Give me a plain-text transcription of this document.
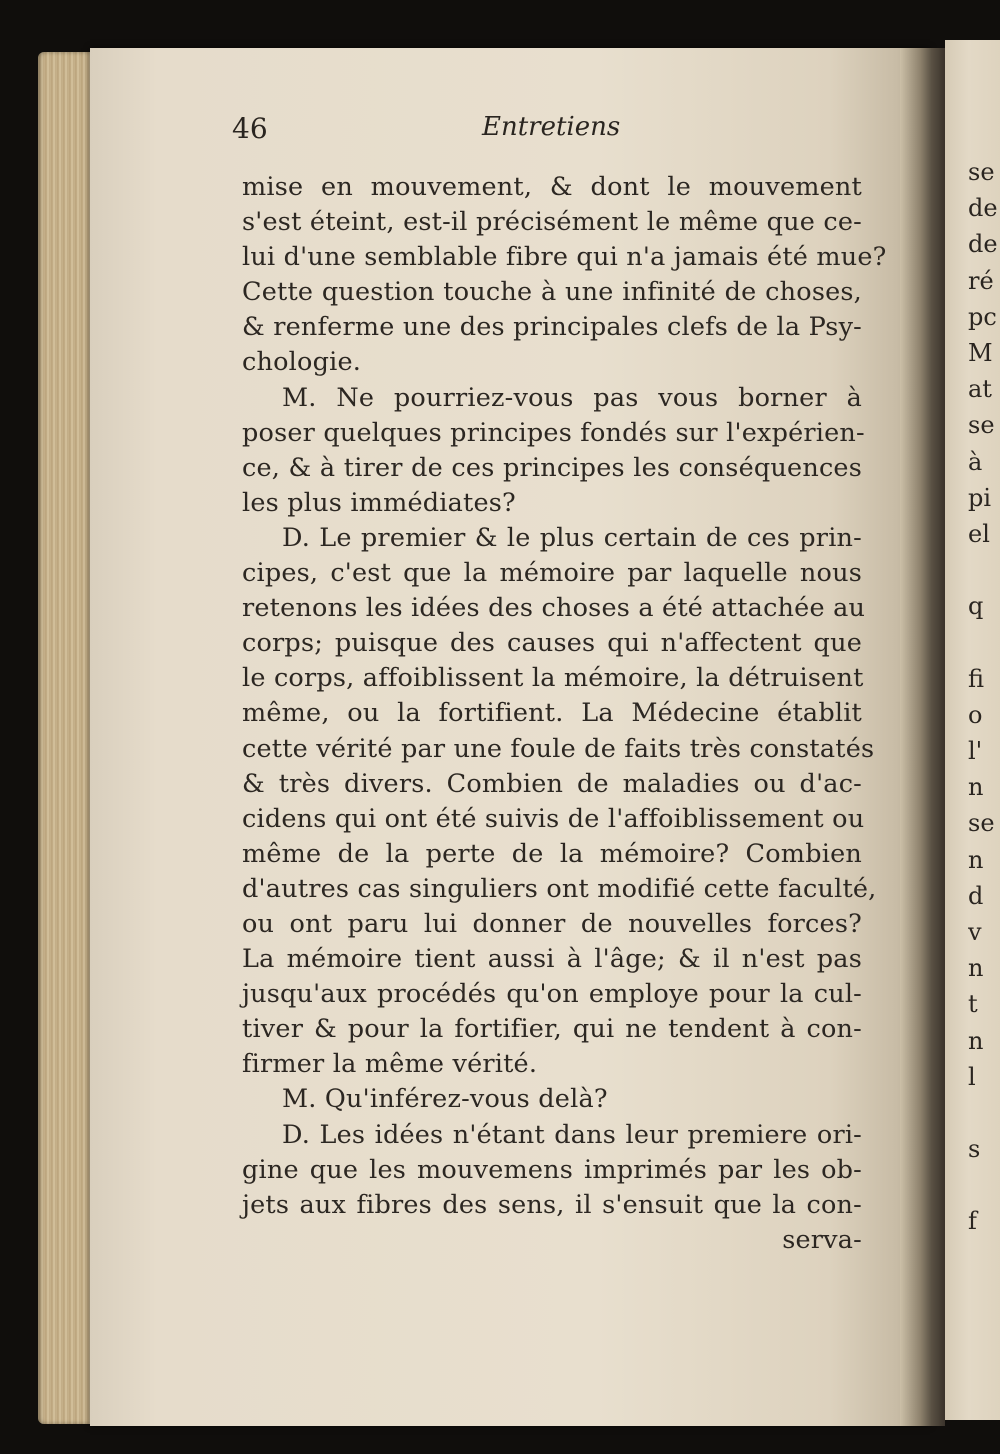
46	Entretiens
mise en mouvement, & dont le mouvement
s'est éteint, est-il précisément le même que ce-
lui d'une semblable fibre qui n'a jamais été mue?
Cette question touche à une infinité de choses,
& renferme une des principales clefs de la Psy-
chologie.
M. Ne pourriez-vous pas vous borner à
poser quelques principes fondés sur l'expérien-
ce, & à tirer de ces principes les conséquences
les plus immédiates?
D. Le premier & le plus certain de ces prin-
cipes, c'est que la mémoire par laquelle nous
retenons les idées des choses a été attachée au
corps; puisque des causes qui n'affectent que
le corps, affoiblissent la mémoire, la détruisent
même, ou la fortifient. La Médecine établit
cette vérité par une foule de faits très constatés
& très divers. Combien de maladies ou d'ac-
cidens qui ont été suivis de l'affoiblissement ou
même de la perte de la mémoire? Combien
d'autres cas singuliers ont modifié cette faculté,
ou ont paru lui donner de nouvelles forces?
La mémoire tient aussi à l'âge; & il n'est pas
jusqu'aux procédés qu'on employe pour la cul-
tiver & pour la fortifier, qui ne tendent à con-
firmer la même vérité.
M. Qu'inférez-vous delà?
D. Les idées n'étant dans leur premiere ori-
gine que les mouvemens imprimés par les ob-
jets aux fibres des sens, il s'ensuit que la con-
serva-
se
de
de
ré
pc
M
at
se
à
pi
el
q
fi
o
l'
n
se
n
d
v
n
t
n
l
s
f
